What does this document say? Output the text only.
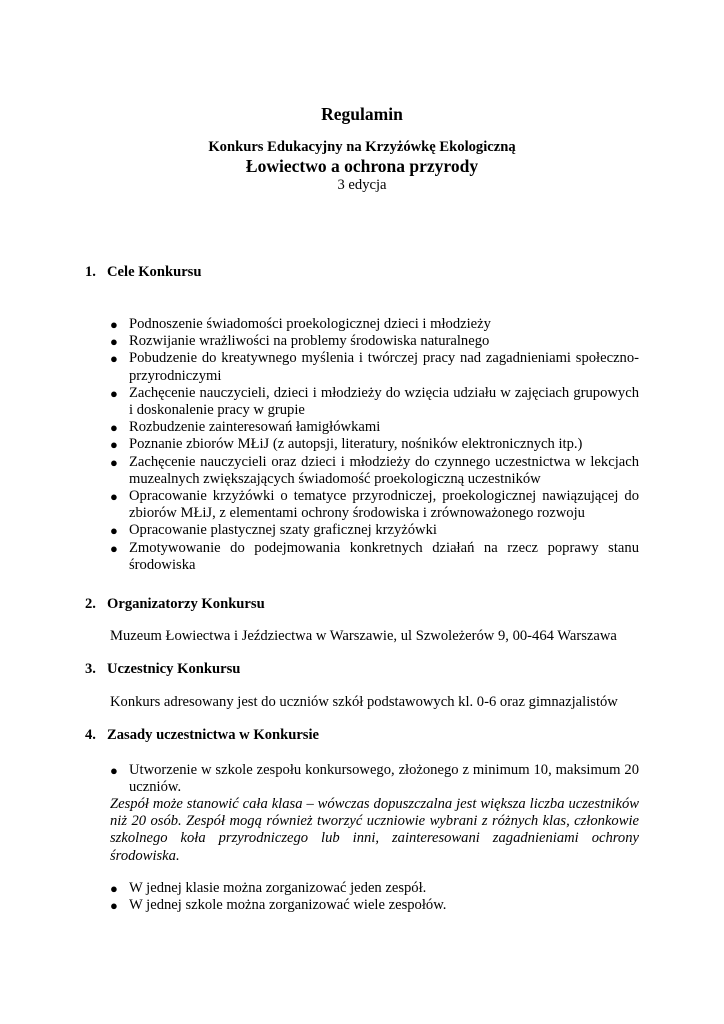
Regulamin
Konkurs Edukacyjny na Krzyżówkę Ekologiczną
Łowiectwo a ochrona przyrody
3 edycja
1. Cele Konkursu
● Podnoszenie świadomości proekologicznej dzieci i młodzieży
● Rozwijanie wrażliwości na problemy środowiska naturalnego
● Pobudzenie do kreatywnego myślenia i twórczej pracy nad zagadnieniami społeczno-przyrodniczymi
● Zachęcenie nauczycieli, dzieci i młodzieży do wzięcia udziału w zajęciach grupowych i doskonalenie pracy w grupie
● Rozbudzenie zainteresowań łamigłówkami
● Poznanie zbiorów MŁiJ (z autopsji, literatury, nośników elektronicznych itp.)
● Zachęcenie nauczycieli oraz dzieci i młodzieży do czynnego uczestnictwa w lekcjach muzealnych zwiększających świadomość proekologiczną uczestników
● Opracowanie krzyżówki o tematyce przyrodniczej, proekologicznej nawiązującej do zbiorów MŁiJ, z elementami ochrony środowiska i zrównoważonego rozwoju
● Opracowanie plastycznej szaty graficznej krzyżówki
● Zmotywowanie do podejmowania konkretnych działań na rzecz poprawy stanu środowiska
2. Organizatorzy Konkursu
Muzeum Łowiectwa i Jeździectwa w Warszawie, ul Szwoleżerów 9, 00-464 Warszawa
3. Uczestnicy Konkursu
Konkurs adresowany jest do uczniów szkół podstawowych kl. 0-6 oraz gimnazjalistów
4. Zasady uczestnictwa w Konkursie
● Utworzenie w szkole zespołu konkursowego, złożonego z minimum 10, maksimum 20 uczniów.
Zespół może stanowić cała klasa – wówczas dopuszczalna jest większa liczba uczestników
niż 20 osób. Zespół mogą również tworzyć uczniowie wybrani z różnych klas, członkowie
szkolnego koła przyrodniczego lub inni, zainteresowani zagadnieniami ochrony
środowiska.
● W jednej klasie można zorganizować jeden zespół.
● W jednej szkole można zorganizować wiele zespołów.
